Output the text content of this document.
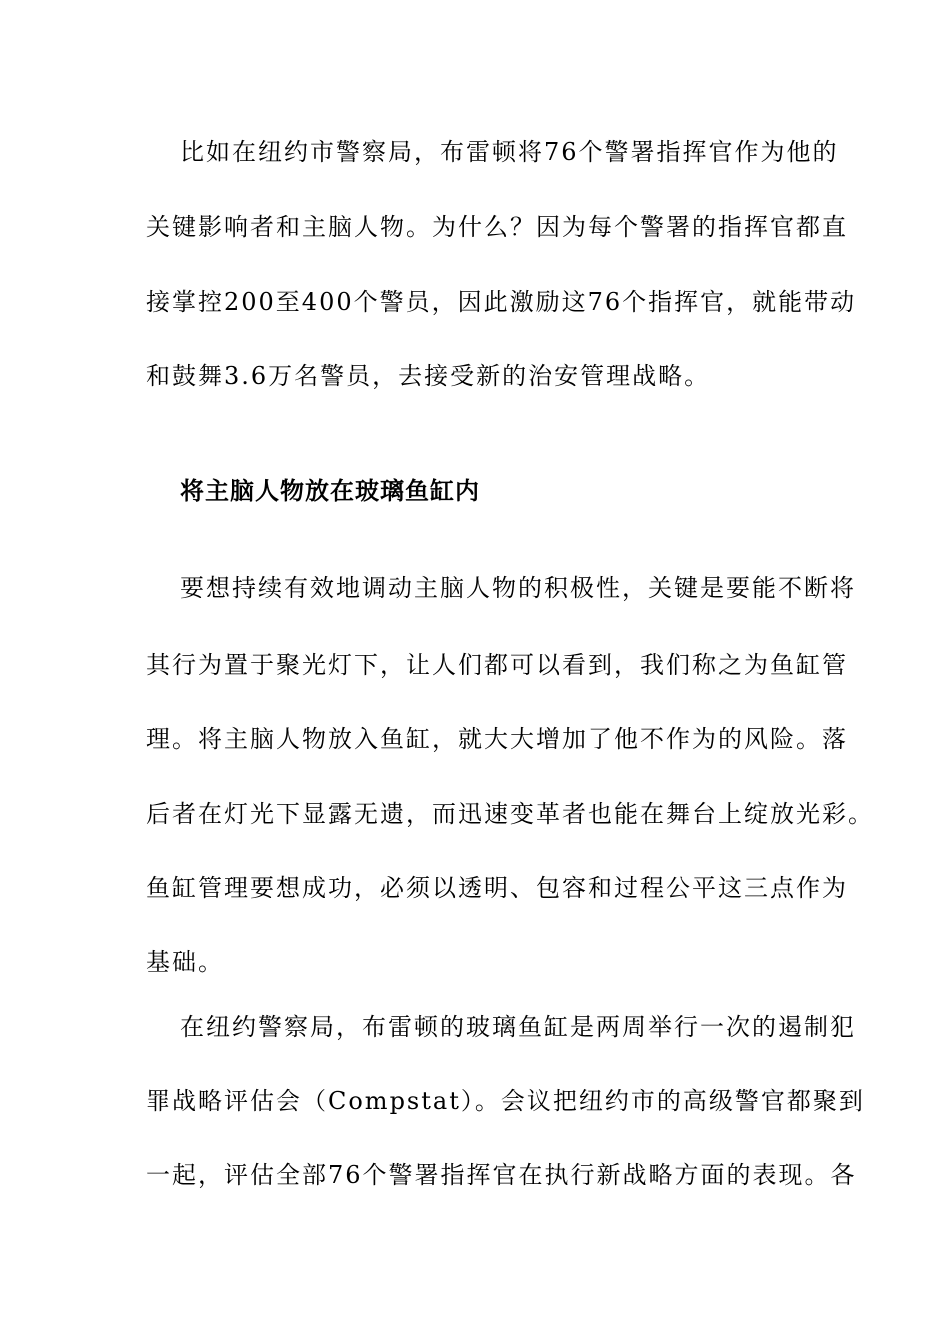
比如在纽约市警察局，布雷顿将76个警署指挥官作为他的
关键影响者和主脑人物。为什么？因为每个警署的指挥官都直
接掌控200至400个警员，因此激励这76个指挥官，就能带动
和鼓舞3.6万名警员，去接受新的治安管理战略。
将主脑人物放在玻璃鱼缸内
要想持续有效地调动主脑人物的积极性，关键是要能不断将
其行为置于聚光灯下，让人们都可以看到，我们称之为鱼缸管
理。将主脑人物放入鱼缸，就大大增加了他不作为的风险。落
后者在灯光下显露无遗，而迅速变革者也能在舞台上绽放光彩。
鱼缸管理要想成功，必须以透明、包容和过程公平这三点作为
基础。
在纽约警察局，布雷顿的玻璃鱼缸是两周举行一次的遏制犯
罪战略评估会（Compstat）。会议把纽约市的高级警官都聚到
一起，评估全部76个警署指挥官在执行新战略方面的表现。各
